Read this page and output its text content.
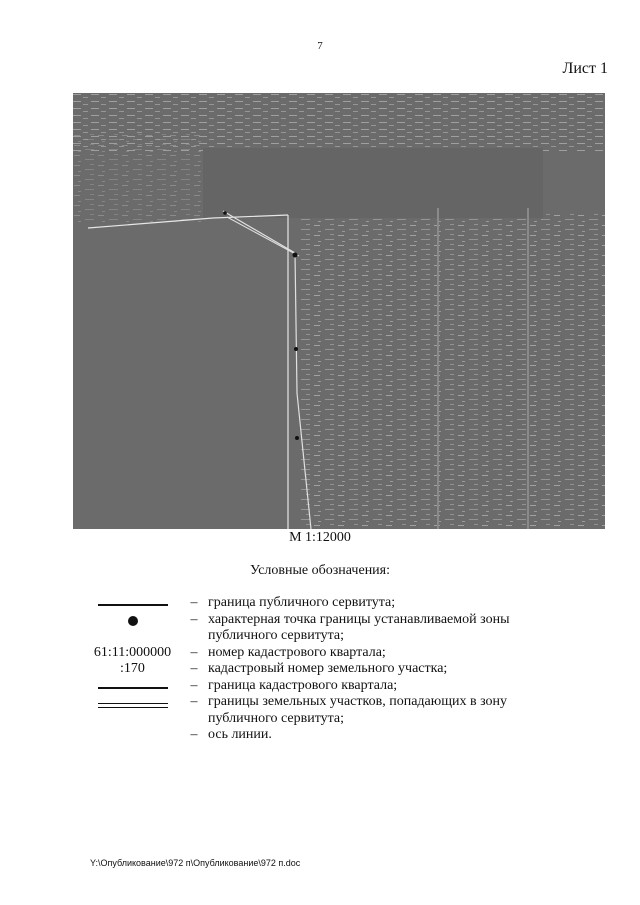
7
Лист 1
М 1:12000
Условные обозначения:
– граница публичного сервитута;
– характерная точка границы устанавливаемой зоны публичного сервитута;
61:11:000000	– номер кадастрового квартала;
:170	– кадастровый номер земельного участка;
– граница кадастрового квартала;
– границы земельных участков, попадающих в зону публичного сервитута;
– ось линии.
Y:\Опубликование\972 п\Опубликование\972 п.doc
